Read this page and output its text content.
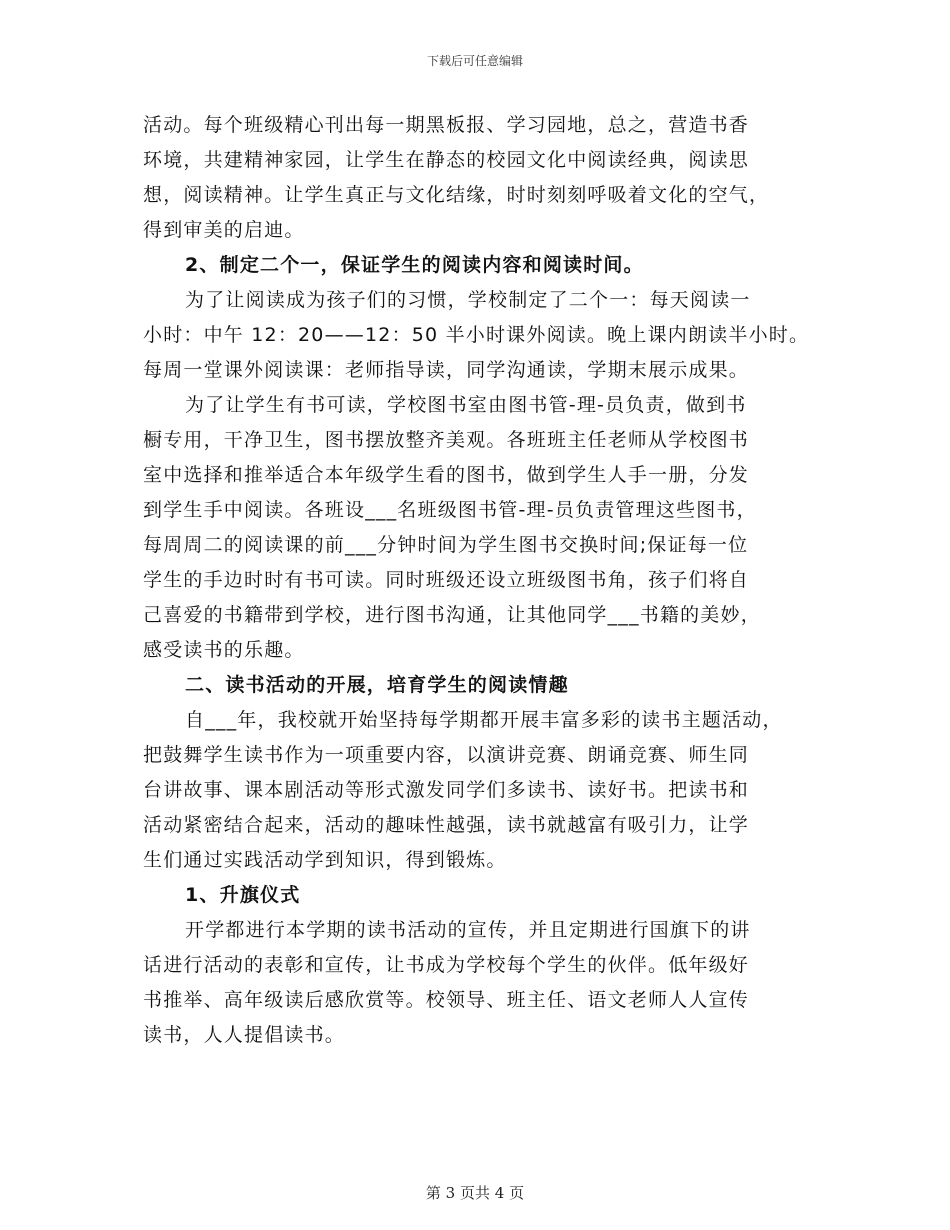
下载后可任意编辑
活动。每个班级精心刊出每一期黑板报、学习园地，总之，营造书香
环境，共建精神家园，让学生在静态的校园文化中阅读经典，阅读思
想，阅读精神。让学生真正与文化结缘，时时刻刻呼吸着文化的空气，
得到审美的启迪。
2、制定二个一，保证学生的阅读内容和阅读时间。
为了让阅读成为孩子们的习惯，学校制定了二个一：每天阅读一
小时：中午 12：20——12：50 半小时课外阅读。晚上课内朗读半小时。
每周一堂课外阅读课：老师指导读，同学沟通读，学期末展示成果。
为了让学生有书可读，学校图书室由图书管-理-员负责，做到书
橱专用，干净卫生，图书摆放整齐美观。各班班主任老师从学校图书
室中选择和推举适合本年级学生看的图书，做到学生人手一册，分发
到学生手中阅读。各班设___名班级图书管-理-员负责管理这些图书，
每周周二的阅读课的前___分钟时间为学生图书交换时间;保证每一位
学生的手边时时有书可读。同时班级还设立班级图书角，孩子们将自
己喜爱的书籍带到学校，进行图书沟通，让其他同学___书籍的美妙，
感受读书的乐趣。
二、读书活动的开展，培育学生的阅读情趣
自___年，我校就开始坚持每学期都开展丰富多彩的读书主题活动，
把鼓舞学生读书作为一项重要内容，以演讲竞赛、朗诵竞赛、师生同
台讲故事、课本剧活动等形式激发同学们多读书、读好书。把读书和
活动紧密结合起来，活动的趣味性越强，读书就越富有吸引力，让学
生们通过实践活动学到知识，得到锻炼。
1、升旗仪式
开学都进行本学期的读书活动的宣传，并且定期进行国旗下的讲
话进行活动的表彰和宣传，让书成为学校每个学生的伙伴。低年级好
书推举、高年级读后感欣赏等。校领导、班主任、语文老师人人宣传
读书，人人提倡读书。
第 3 页共 4 页
